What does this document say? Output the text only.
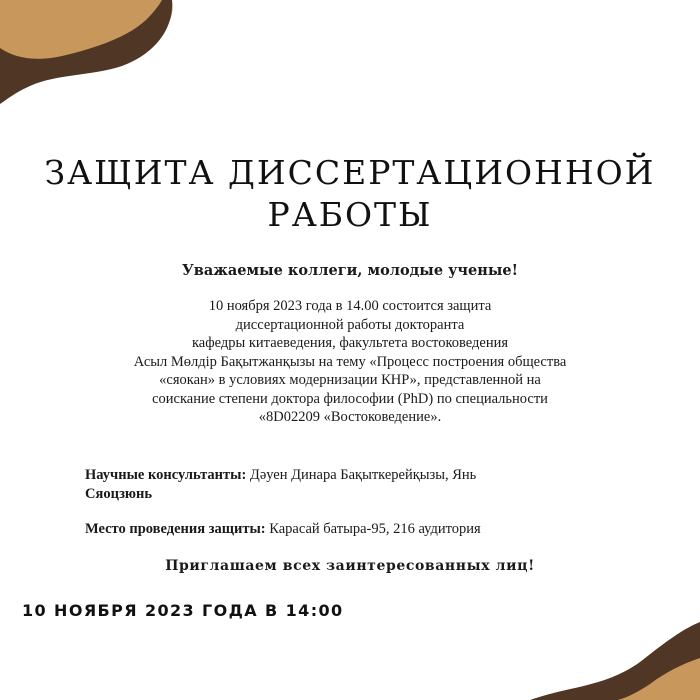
ЗАЩИТА ДИССЕРТАЦИОННОЙ
РАБОТЫ
Уважаемые коллеги, молодые ученые!
10 ноября 2023 года в 14.00 состоится защита
диссертационной работы докторанта
кафедры китаеведения, факультета востоковедения
Асыл Мөлдір Бақытжанқызы на тему «Процесс построения общества
«сяокан» в условиях модернизации КНР», представленной на
соискание степени доктора философии (PhD) по специальности
«8D02209 «Востоковедение».
Научные консультанты: Дәуен Динара Бақыткерейқызы, Янь
Сяоцзюнь
Место проведения защиты: Карасай батыра-95, 216 аудитория
Приглашаем всех заинтересованных лиц!
10 НОЯБРЯ 2023 ГОДА В 14:00
